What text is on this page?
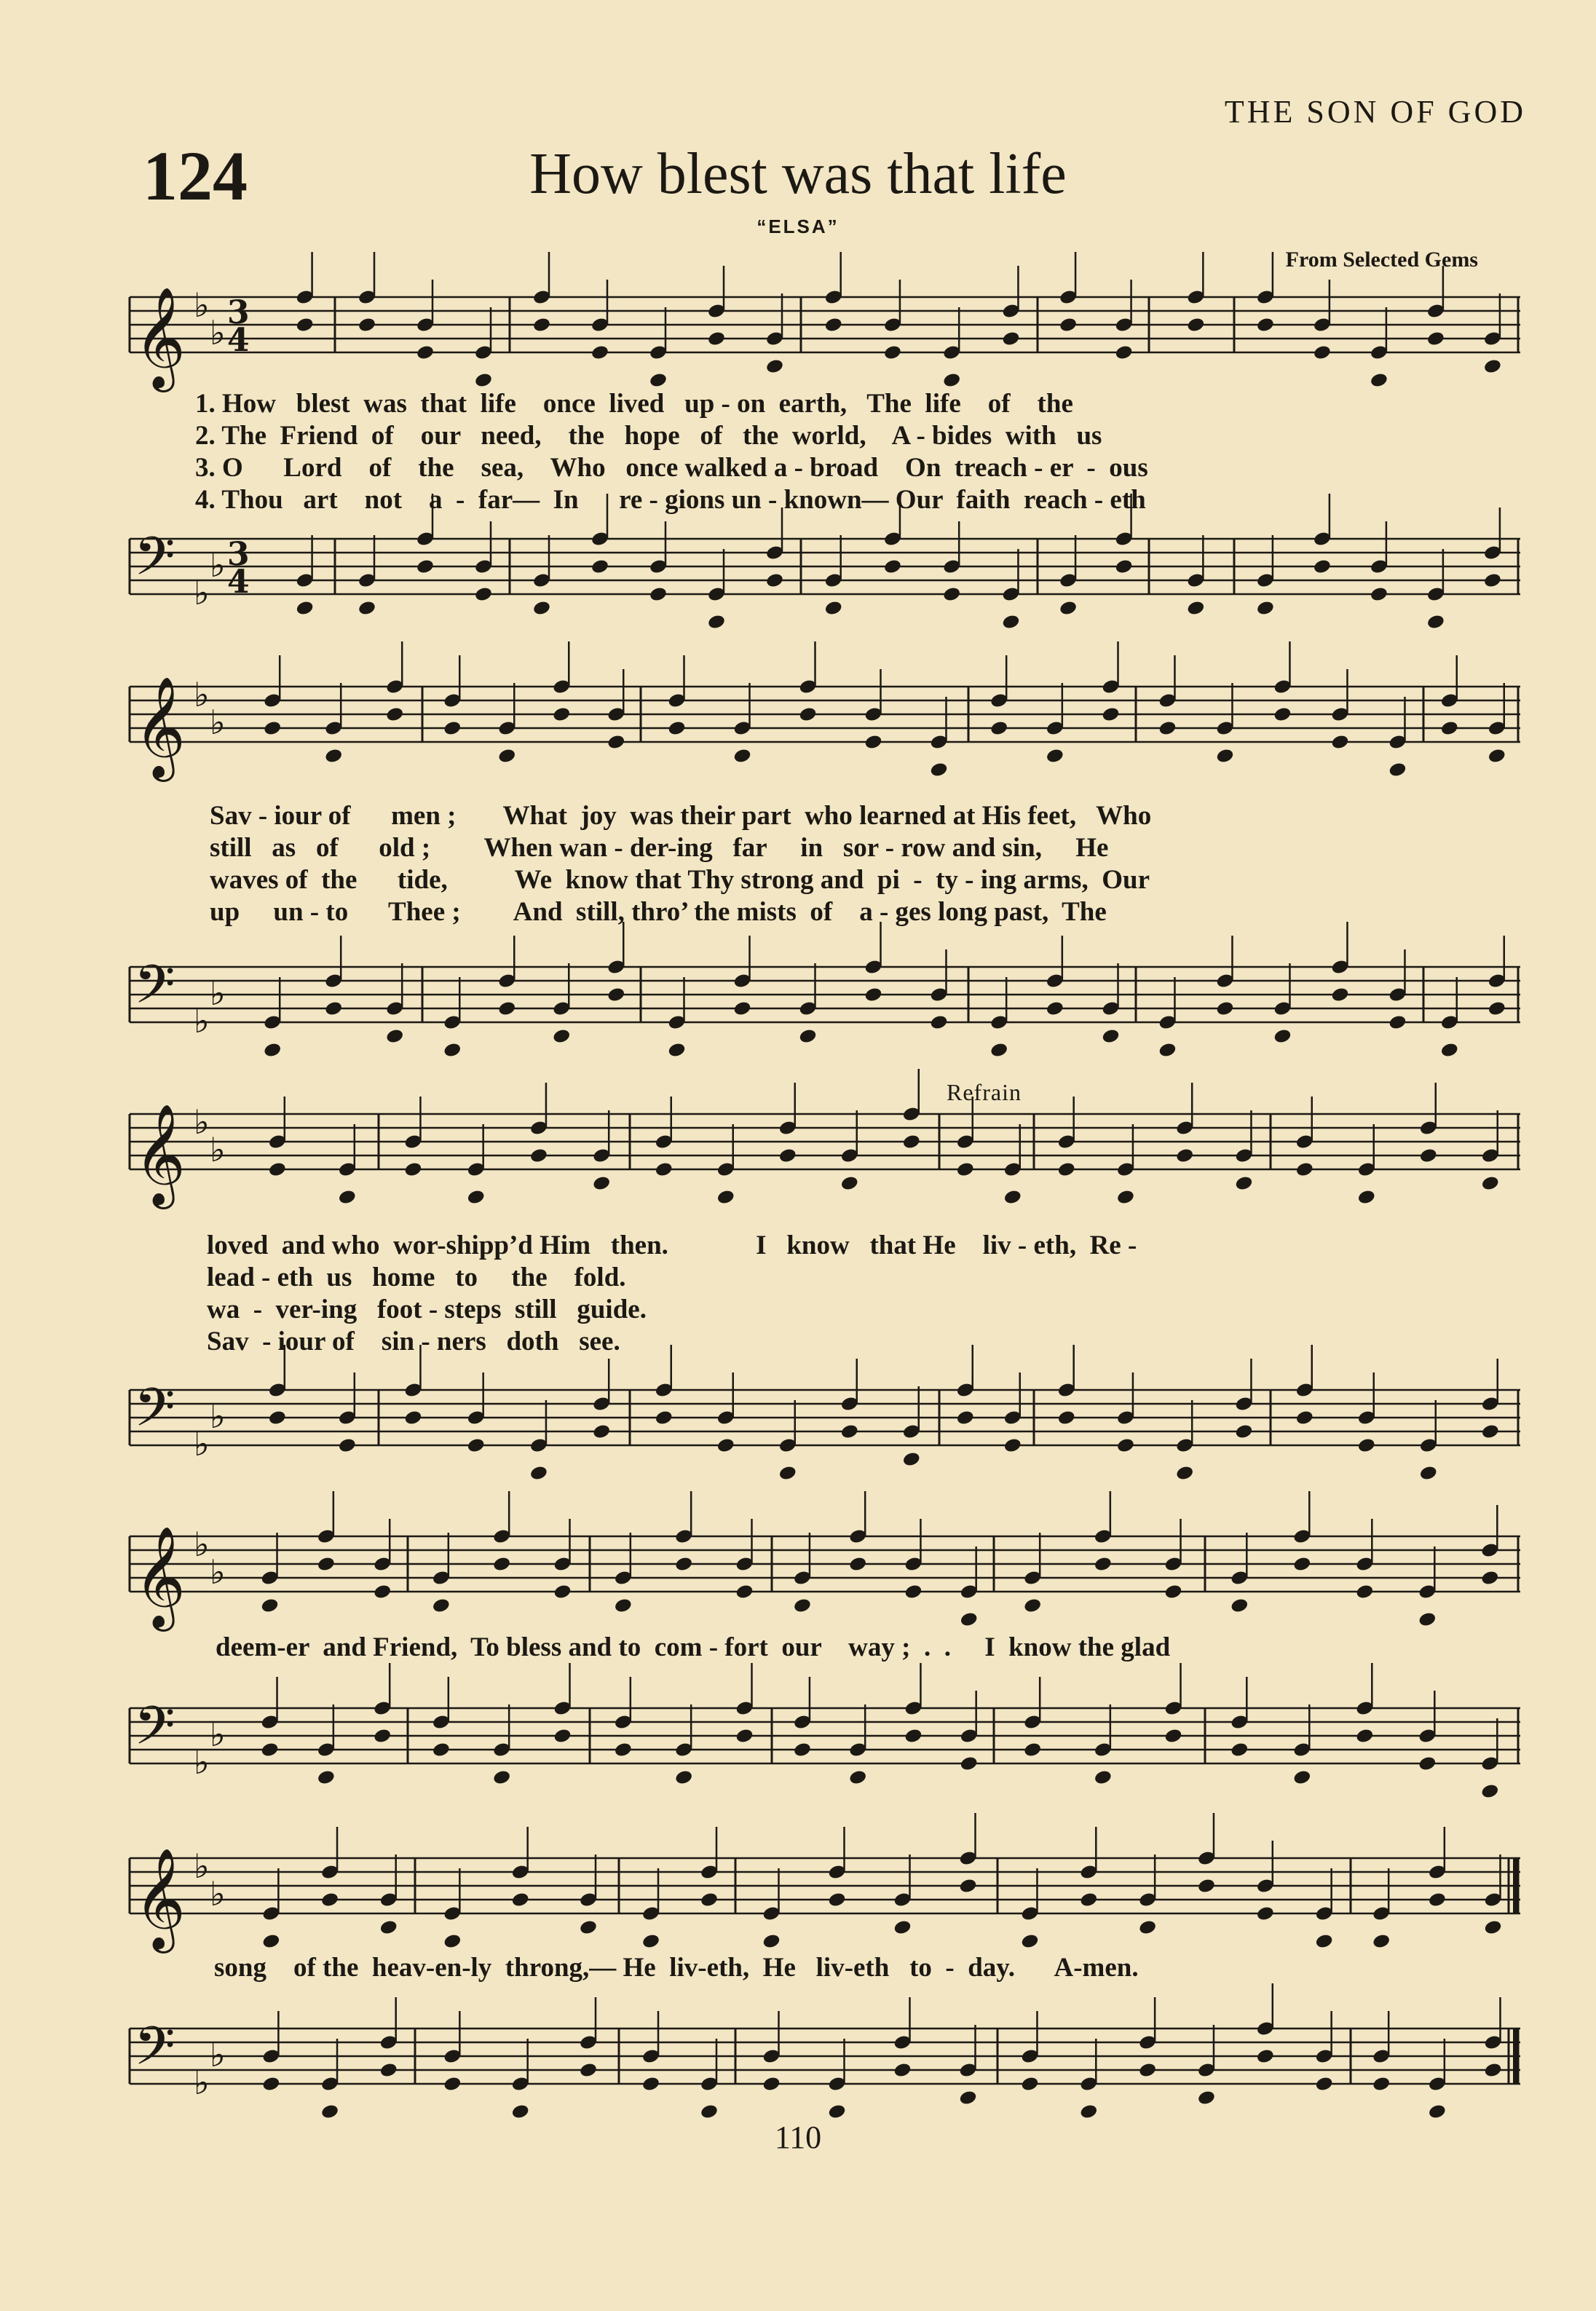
THE SON OF GOD
124	How blest was that life
“ELSA”
From Selected Gems
𝄞 ♭
♭
3
4
𝄢 ♭
♭ 3
4
𝄞 ♭
♭
𝄢 ♭
♭
𝄞 ♭
♭
𝄢 ♭
♭
𝄞 ♭
♭
𝄢 ♭
♭
𝄞 ♭
♭
𝄢 ♭
♭
1. How   blest  was  that  life    once  lived   up - on  earth,   The  life    of    the
2. The  Friend  of    our   need,    the   hope   of   the  world,    A - bides  with   us
3. O      Lord    of    the    sea,    Who   once walked a - broad    On  treach - er  -  ous
4. Thou   art    not    a  -  far—  In      re - gions un - known— Our  faith  reach - eth
Sav - iour of      men ;       What  joy  was their part  who learned at His feet,   Who
still   as   of      old ;        When wan - der-ing   far     in   sor - row and sin,     He
waves of  the      tide,          We  know that Thy strong and  pi  -  ty - ing arms,  Our
up     un - to      Thee ;        And  still, thro’ the mists  of    a - ges long past,  The
Refrain
loved  and who  wor-shipp’d Him   then.             I   know   that He    liv - eth,  Re -
lead - eth  us   home   to     the    fold.
wa  -  ver-ing   foot - steps  still   guide.
Sav  - iour of    sin - ners   doth   see.
deem-er  and Friend,  To bless and to  com - fort  our    way ;  .  .     I  know the glad
song    of the  heav-en-ly  throng,— He  liv-eth,  He   liv-eth   to  -  day.      A-men.
110
